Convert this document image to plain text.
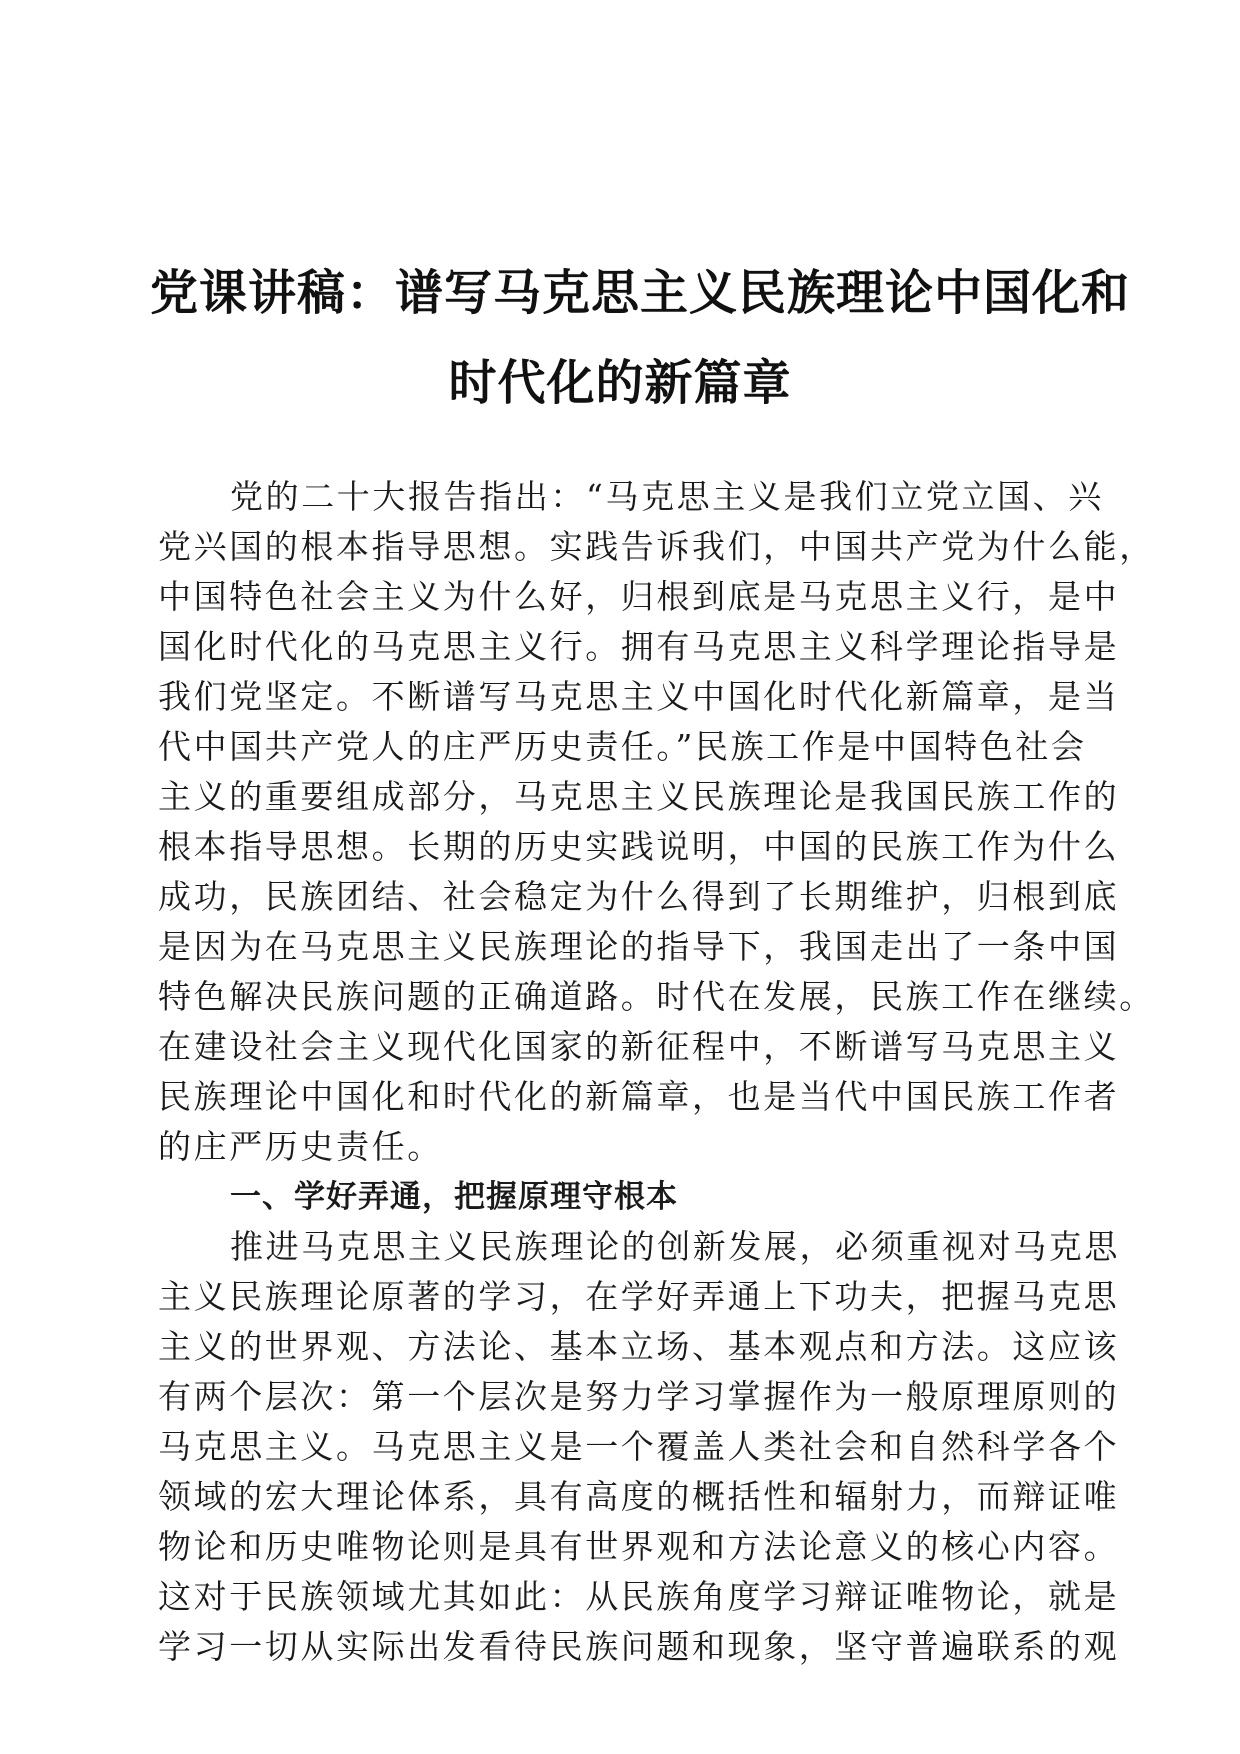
党课讲稿：谱写马克思主义民族理论中国化和
时代化的新篇章
党的二十大报告指出：“马克思主义是我们立党立国、兴
党兴国的根本指导思想。实践告诉我们，中国共产党为什么能，
中国特色社会主义为什么好，归根到底是马克思主义行，是中
国化时代化的马克思主义行。拥有马克思主义科学理论指导是
我们党坚定。不断谱写马克思主义中国化时代化新篇章，是当
代中国共产党人的庄严历史责任。”民族工作是中国特色社会
主义的重要组成部分，马克思主义民族理论是我国民族工作的
根本指导思想。长期的历史实践说明，中国的民族工作为什么
成功，民族团结、社会稳定为什么得到了长期维护，归根到底
是因为在马克思主义民族理论的指导下，我国走出了一条中国
特色解决民族问题的正确道路。时代在发展，民族工作在继续。
在建设社会主义现代化国家的新征程中，不断谱写马克思主义
民族理论中国化和时代化的新篇章，也是当代中国民族工作者
的庄严历史责任。
一、学好弄通，把握原理守根本
推进马克思主义民族理论的创新发展，必须重视对马克思
主义民族理论原著的学习，在学好弄通上下功夫，把握马克思
主义的世界观、方法论、基本立场、基本观点和方法。这应该
有两个层次：第一个层次是努力学习掌握作为一般原理原则的
马克思主义。马克思主义是一个覆盖人类社会和自然科学各个
领域的宏大理论体系，具有高度的概括性和辐射力，而辩证唯
物论和历史唯物论则是具有世界观和方法论意义的核心内容。
这对于民族领域尤其如此：从民族角度学习辩证唯物论，就是
学习一切从实际出发看待民族问题和现象，坚守普遍联系的观
